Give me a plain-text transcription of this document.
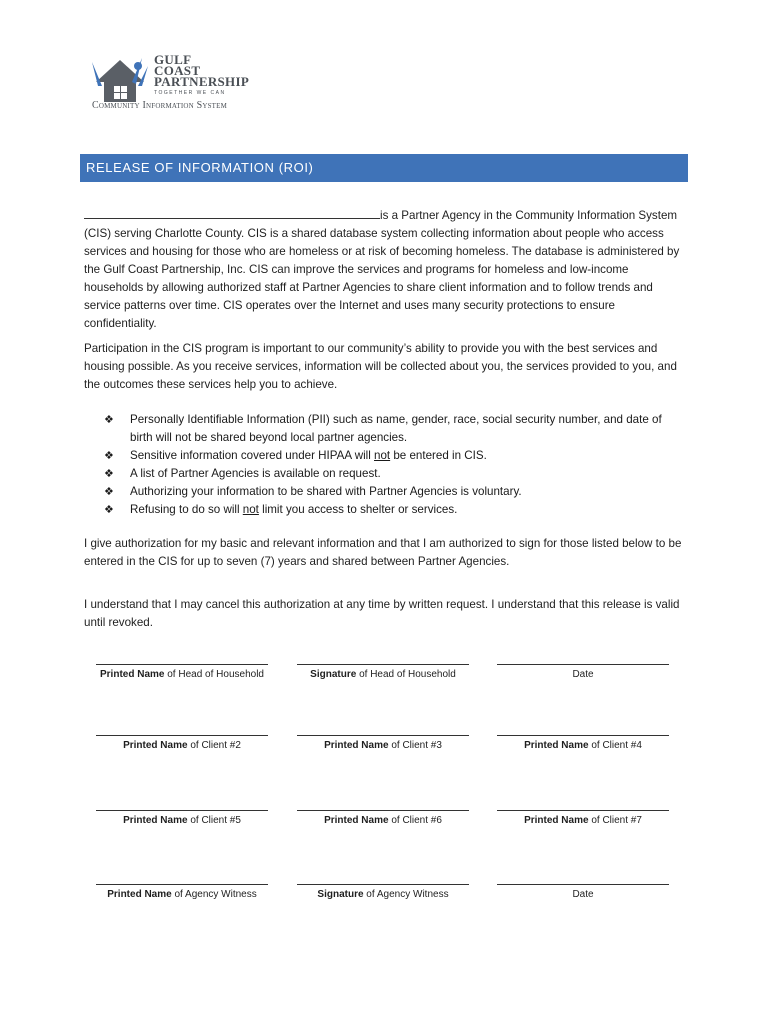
GULF
COAST
PARTNERSHIP
TOGETHER WE CAN
Community Information System
RELEASE OF INFORMATION (ROI)
is a Partner Agency in the Community Information System (CIS) serving Charlotte County. CIS is a shared database system collecting information about people who access services and housing for those who are homeless or at risk of becoming homeless. The database is administered by the Gulf Coast Partnership, Inc. CIS can improve the services and programs for homeless and low-income households by allowing authorized staff at Partner Agencies to share client information and to follow trends and service patterns over time. CIS operates over the Internet and uses many security protections to ensure confidentiality.
Participation in the CIS program is important to our community’s ability to provide you with the best services and housing possible. As you receive services, information will be collected about you, the services provided to you, and the outcomes these services help you to achieve.
❖ Personally Identifiable Information (PII) such as name, gender, race, social security number, and date of birth will not be shared beyond local partner agencies.
❖ Sensitive information covered under HIPAA will not be entered in CIS.
❖ A list of Partner Agencies is available on request.
❖ Authorizing your information to be shared with Partner Agencies is voluntary.
❖ Refusing to do so will not limit you access to shelter or services.
I give authorization for my basic and relevant information and that I am authorized to sign for those listed below to be entered in the CIS for up to seven (7) years and shared between Partner Agencies.
I understand that I may cancel this authorization at any time by written request. I understand that this release is valid until revoked.
Printed Name of Head of Household	Signature of Head of Household	Date
Printed Name of Client #2	Printed Name of Client #3	Printed Name of Client #4
Printed Name of Client #5	Printed Name of Client #6	Printed Name of Client #7
Printed Name of Agency Witness	Signature of Agency Witness	Date
